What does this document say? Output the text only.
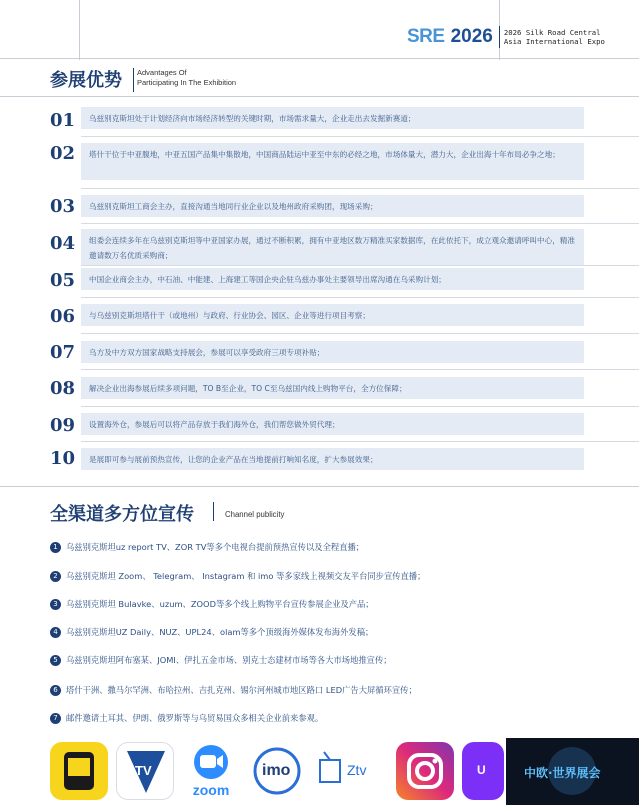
SRE 2026 2026 Silk Road Central
Asia International Expo
参展优势 Advantages Of
Participating In The Exhibition
01	乌兹别克斯坦处于计划经济向市场经济转型的关键时期，市场需求量大，企业走出去发掘新赛道；
02	塔什干位于中亚腹地，中亚五国产品集中集散地，中国商品陆运中亚至中东的必经之地，市场体量大，潜力大，企业出海十年布局必争之地；
03	乌兹别克斯坦工商会主办，直接沟通当地同行业企业以及地州政府采购团，现场采购；
04	组委会连续多年在乌兹别克斯坦等中亚国家办展，通过不断积累，拥有中亚地区数万精准买家数据库，在此依托下，成立观众邀请呼叫中心，精准邀请数万名优质采购商；
05	中国企业商会主办，中石油、中能建、上海建工等国企央企驻乌兹办事处主要领导出席沟通在乌采购计划；
06	与乌兹别克斯坦塔什干（或地州）与政府、行业协会、园区、企业等进行项目考察；
07	乌方及中方双方国家战略支持展会，参展可以享受政府三项专项补贴；
08	解决企业出海参展后续多项问题，TO B至企业，TO C至乌兹国内线上购物平台，全方位保障；
09	设置海外仓，参展后可以将产品存放于我们海外仓，我们帮您做外贸代理；
10	是展即可参与展前预热宣传，让您的企业产品在当地提前打响知名度，扩大参展效果；
全渠道多方位宣传	Channel publicity
1 乌兹别克斯坦uz report TV、ZOR TV等多个电视台提前预热宣传以及全程直播；
2 乌兹别克斯坦 Zoom、 Telegram、 Instagram 和 imo 等多家线上视频交友平台同步宣传直播；
3 乌兹别克斯坦 Bulavke、uzum、ZOOD等多个线上购物平台宣传参展企业及产品；
4 乌兹别克斯坦UZ Daily、NUZ、UPL24、olam等多个顶级海外媒体发布海外发稿；
5 乌兹别克斯坦阿布塞某、JOMI、伊扎五金市场、别克士态建材市场等各大市场地推宣传；
6 塔什干洲、撒马尔罕洲、布哈拉州、吉扎克州、锡尔河州城市地区路口 LED广告大屏循环宣传；
7 邮件邀请土耳其、伊朗、俄罗斯等与乌贸易国众多相关企业前来参观。
TV
zoom
imo	Ztv	U	中欧·世界展会
